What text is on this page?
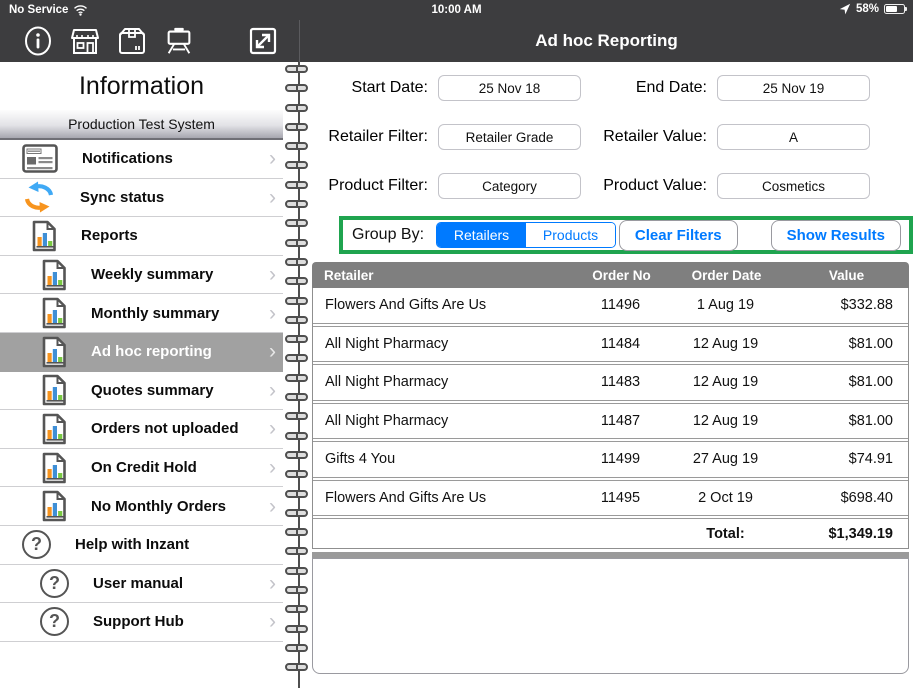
No Service	10:00 AM	58%
Ad hoc Reporting
Information
Production Test System
Notifications	›
Sync status	›
Reports
Weekly summary	›
Monthly summary ›
Ad hoc reporting	›
Quotes summary	›
Orders not uploaded ›
On Credit Hold	›
No Monthly Orders ›
?	Help with Inzant
?	User manual	›
?	Support Hub	›
Start Date:	25 Nov 18	End Date:	25 Nov 19
Retailer Filter:	Retailer Grade	Retailer Value:	A
Product Filter:	Category	Product Value:	Cosmetics
Group By:	Retailers	Products	Clear Filters	Show Results
Retailer	Order No	Order Date	Value
Flowers And Gifts Are Us	11496	1 Aug 19	$332.88
All Night Pharmacy	11484	12 Aug 19	$81.00
All Night Pharmacy	11483	12 Aug 19	$81.00
All Night Pharmacy	11487	12 Aug 19	$81.00
Gifts 4 You	11499	27 Aug 19	$74.91
Flowers And Gifts Are Us	11495	2 Oct 19	$698.40
Total:	$1,349.19
